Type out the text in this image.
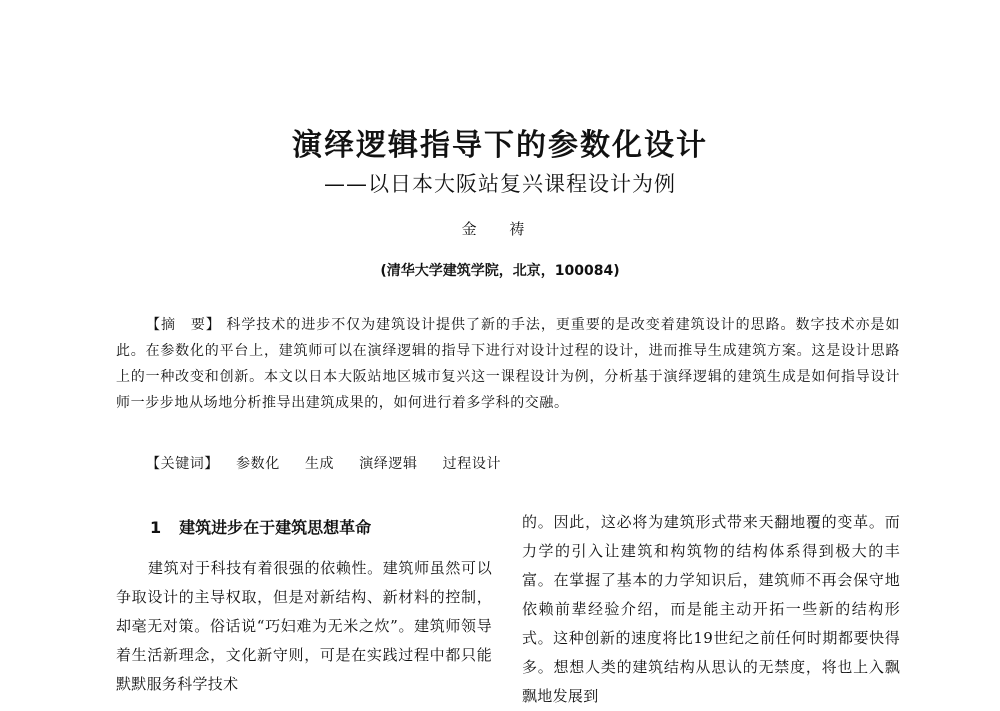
演绎逻辑指导下的参数化设计
——以日本大阪站复兴课程设计为例
金 祷
(清华大学建筑学院，北京，100084)
【摘　要】 科学技术的进步不仅为建筑设计提供了新的手法，更重要的是改变着建筑设计的思路。数字技术亦是如此。在参数化的平台上，建筑师可以在演绎逻辑的指导下进行对设计过程的设计，进而推导生成建筑方案。这是设计思路上的一种改变和创新。本文以日本大阪站地区城市复兴这一课程设计为例，分析基于演绎逻辑的建筑生成是如何指导设计师一步步地从场地分析推导出建筑成果的，如何进行着多学科的交融。
【关键词】 参数化 生成 演绎逻辑 过程设计
1 建筑进步在于建筑思想革命
建筑对于科技有着很强的依赖性。建筑师虽然可以争取设计的主导权取，但是对新结构、新材料的控制，却毫无对策。俗话说“巧妇难为无米之炊”。建筑师领导着生活新理念，文化新守则，可是在实践过程中都只能默默服务科学技术
的。因此，这必将为建筑形式带来天翻地覆的变革。而力学的引入让建筑和构筑物的结构体系得到极大的丰富。在掌握了基本的力学知识后，建筑师不再会保守地依赖前辈经验介绍，而是能主动开拓一些新的结构形式。这种创新的速度将比19世纪之前任何时期都要快得多。想想人类的建筑结构从思认的无禁度，将也上入飘飘地发展到
